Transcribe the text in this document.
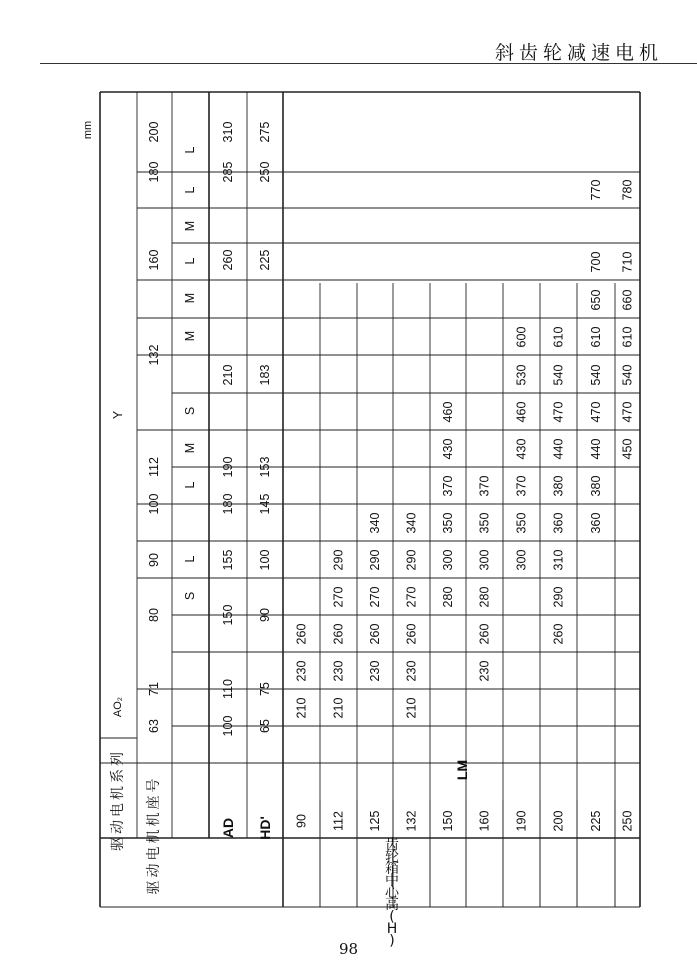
斜齿轮减速电机
驱动电机系列
Y
AO₂
驱动电机机座号	AD HD'
LM
齿轮箱中心高( H )
mm
63
71
80
90
100
112
132
160
180
200
S
L
L
M
S
M
M
L
M
L
L
100
110
150
155
180
190
210
260
285
310
65
75
90
100
145
153
183
225
250
275
90 112 125 132 150 160 190 200 225 250
210
230
260
210
230
260
270
290
230
260
270
290
340
210
230
260
270
290
340
280
300
350
370
430
460
230
260
280
300
350
370
300
350
370
430
460
530
600
260
290
310
360
380
440
470
540
610
360
380
440
470
540
610
650
700
770
450
470
540
610
660
710
780
98
